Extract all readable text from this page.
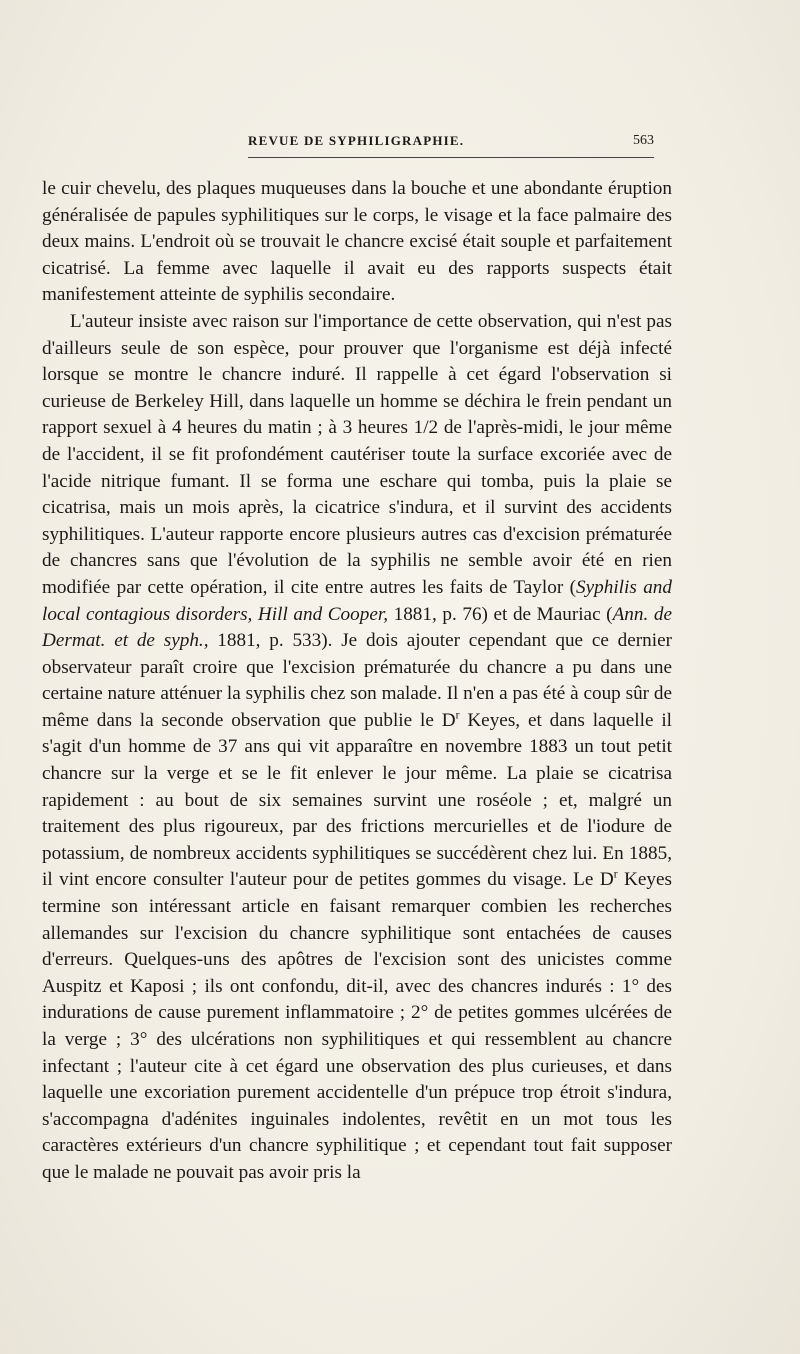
REVUE DE SYPHILIGRAPHIE.	563

le cuir chevelu, des plaques muqueuses dans la bouche et une abondante éruption généralisée de papules syphilitiques sur le corps, le visage et la face palmaire des deux mains. L'endroit où se trouvait le chancre excisé était souple et parfaitement cicatrisé. La femme avec laquelle il avait eu des rapports suspects était manifestement atteinte de syphilis secondaire.

L'auteur insiste avec raison sur l'importance de cette observation, qui n'est pas d'ailleurs seule de son espèce, pour prouver que l'organisme est déjà infecté lorsque se montre le chancre induré. Il rappelle à cet égard l'observation si curieuse de Berkeley Hill, dans laquelle un homme se déchira le frein pendant un rapport sexuel à 4 heures du matin ; à 3 heures 1/2 de l'après-midi, le jour même de l'accident, il se fit profondément cautériser toute la surface excoriée avec de l'acide nitrique fumant. Il se forma une eschare qui tomba, puis la plaie se cicatrisa, mais un mois après, la cicatrice s'indura, et il survint des accidents syphilitiques. L'auteur rapporte encore plusieurs autres cas d'excision prématurée de chancres sans que l'évolution de la syphilis ne semble avoir été en rien modifiée par cette opération, il cite entre autres les faits de Taylor (Syphilis and local contagious disorders, Hill and Cooper, 1881, p. 76) et de Mauriac (Ann. de Dermat. et de syph., 1881, p. 533). Je dois ajouter cependant que ce dernier observateur paraît croire que l'excision prématurée du chancre a pu dans une certaine nature atténuer la syphilis chez son malade. Il n'en a pas été à coup sûr de même dans la seconde observation que publie le $D^r$ Keyes, et dans laquelle il s'agit d'un homme de 37 ans qui vit apparaître en novembre 1883 un tout petit chancre sur la verge et se le fit enlever le jour même. La plaie se cicatrisa rapidement : au bout de six semaines survint une roséole ; et, malgré un traitement des plus rigoureux, par des frictions mercurielles et de l'iodure de potassium, de nombreux accidents syphilitiques se succédèrent chez lui. En 1885, il vint encore consulter l'auteur pour de petites gommes du visage. Le $D^r$ Keyes termine son intéressant article en faisant remarquer combien les recherches allemandes sur l'excision du chancre syphilitique sont entachées de causes d'erreurs. Quelques-uns des apôtres de l'excision sont des unicistes comme Auspitz et Kaposi ; ils ont confondu, dit-il, avec des chancres indurés : 1° des indurations de cause purement inflammatoire ; 2° de petites gommes ulcérées de la verge ; 3° des ulcérations non syphilitiques et qui ressemblent au chancre infectant ; l'auteur cite à cet égard une observation des plus curieuses, et dans laquelle une excoriation purement accidentelle d'un prépuce trop étroit s'indura, s'accompagna d'adénites inguinales indolentes, revêtit en un mot tous les caractères extérieurs d'un chancre syphilitique ; et cependant tout fait supposer que le malade ne pouvait pas avoir pris la
